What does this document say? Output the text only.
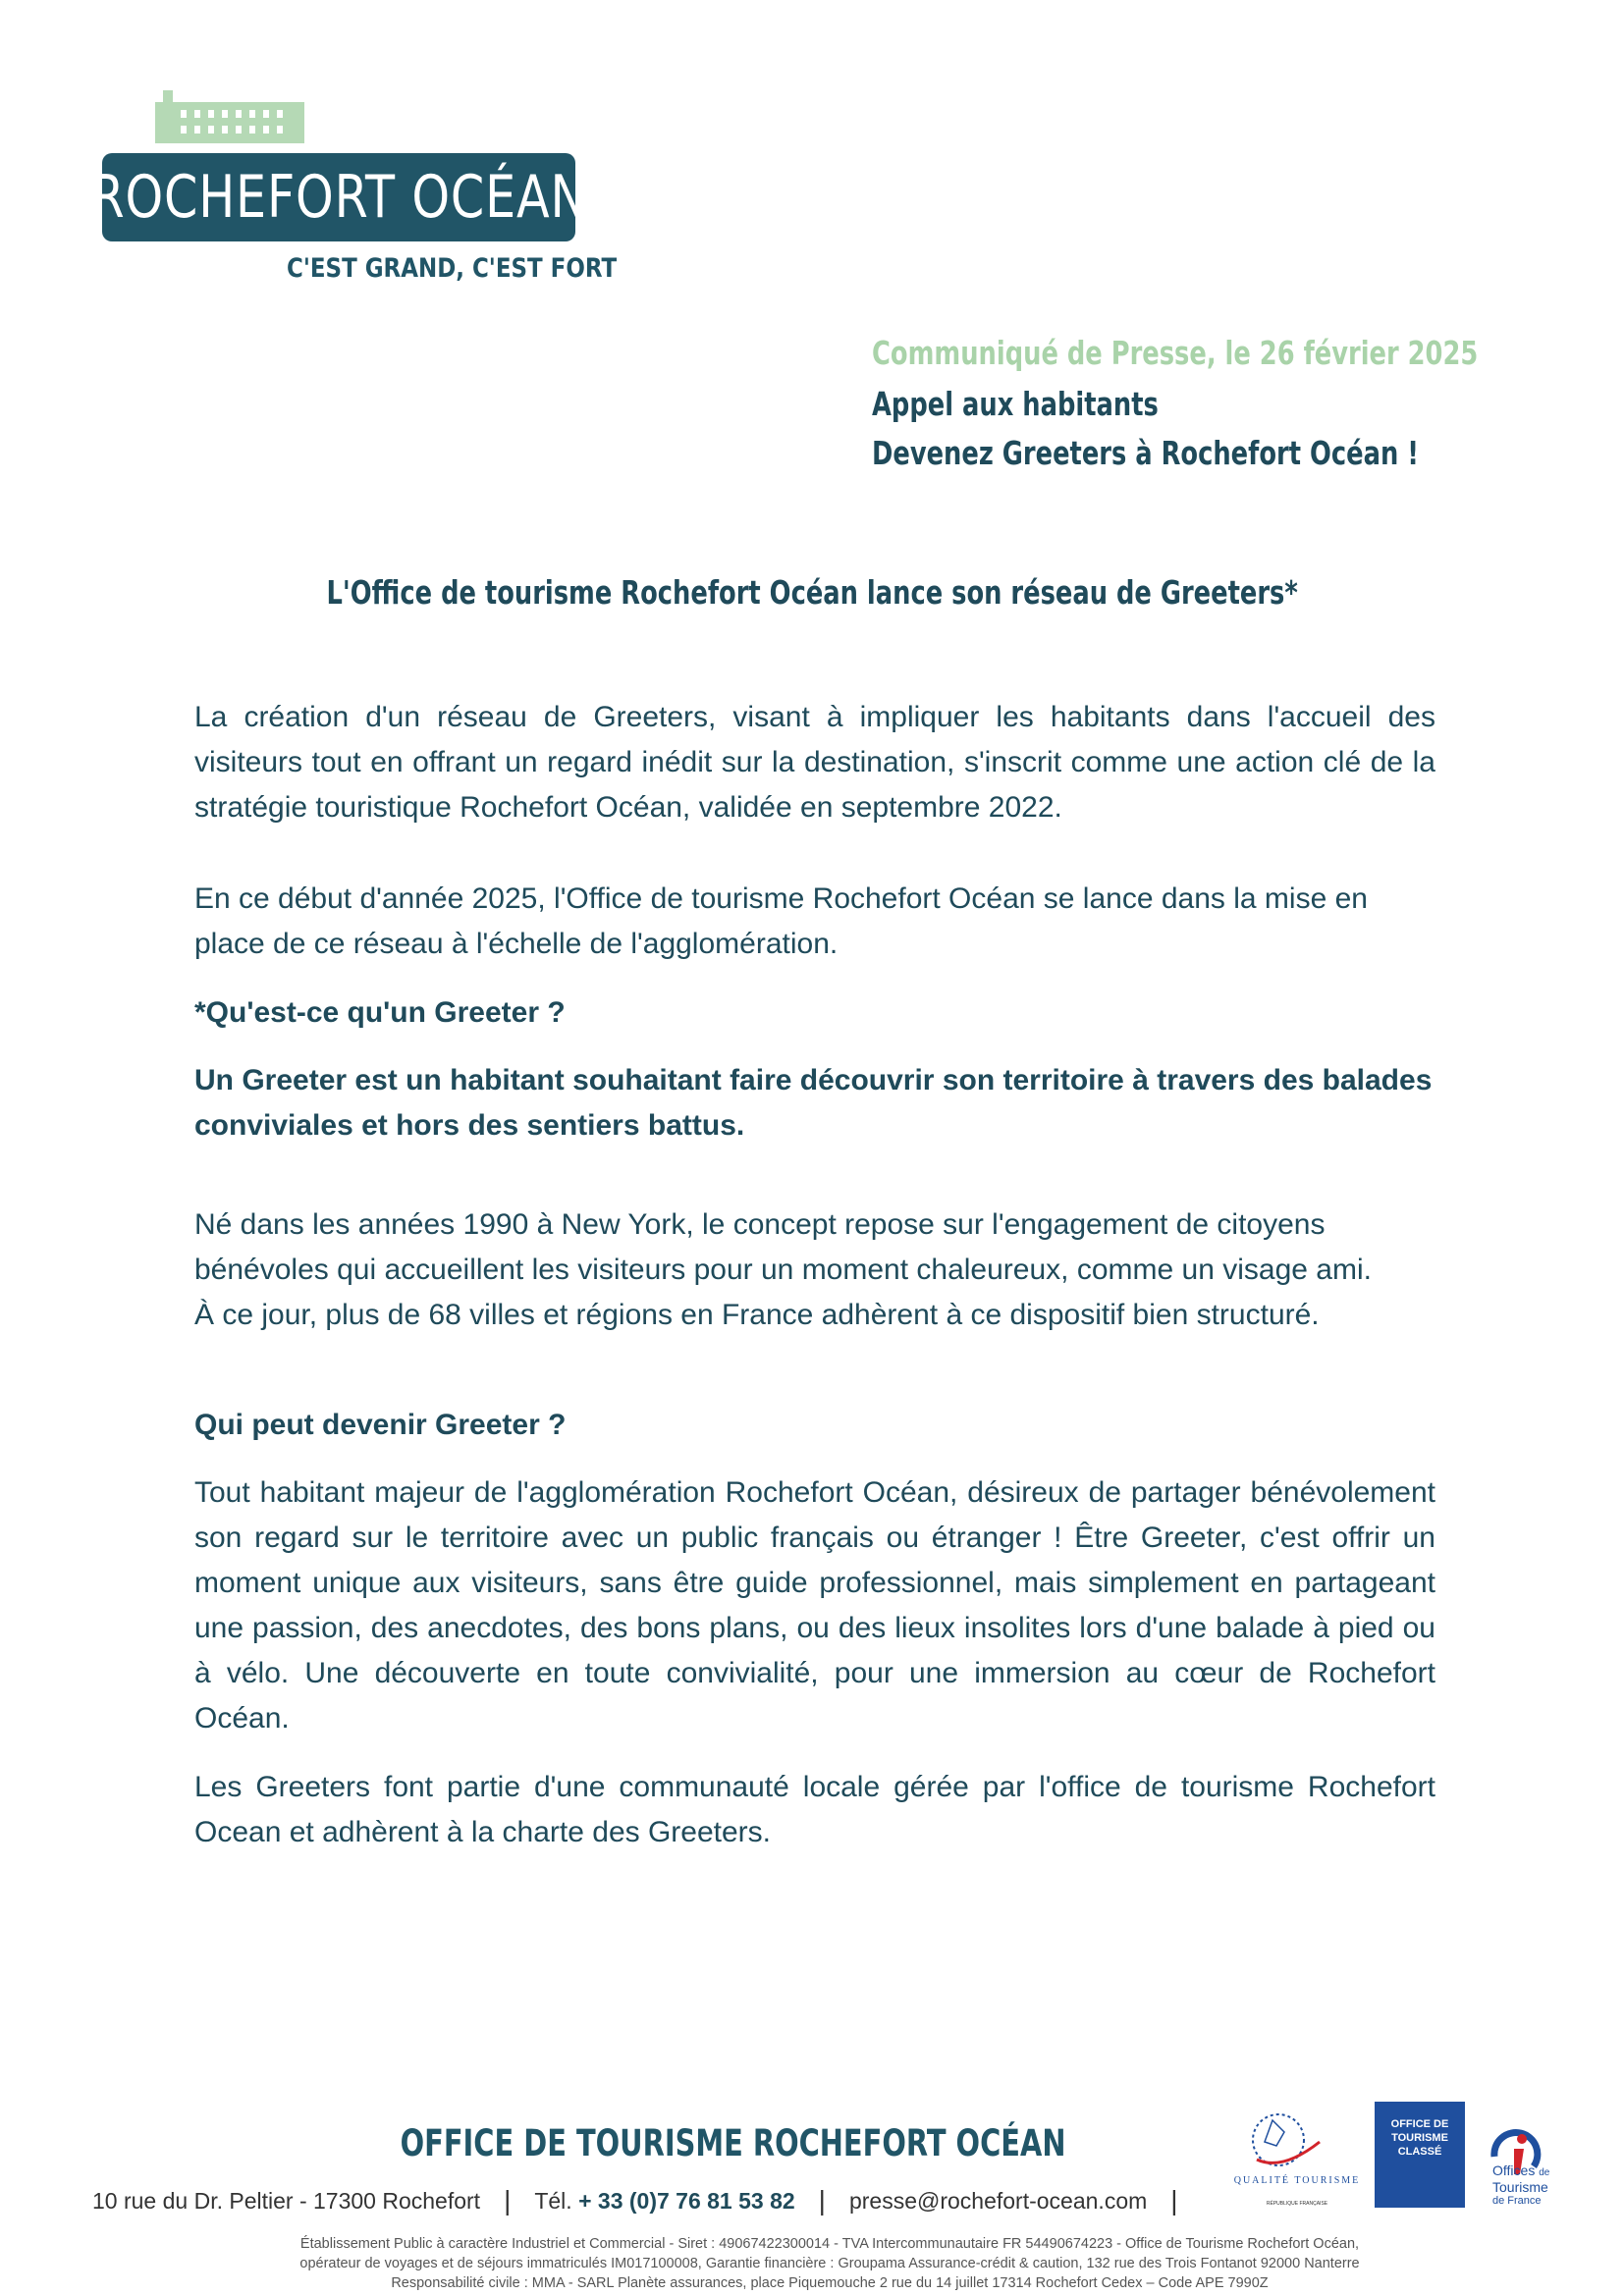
ROCHEFORT OCÉAN
C'EST GRAND, C'EST FORT
Communiqué de Presse, le 26 février 2025
Appel aux habitants
Devenez Greeters à Rochefort Océan !
L'Office de tourisme Rochefort Océan lance son réseau de Greeters*

La création d'un réseau de Greeters, visant à impliquer les habitants dans l'accueil des visiteurs tout en offrant un regard inédit sur la destination, s'inscrit comme une action clé de la stratégie touristique Rochefort Océan, validée en septembre 2022.

En ce début d'année 2025, l'Office de tourisme Rochefort Océan se lance dans la mise en place de ce réseau à l'échelle de l'agglomération.

*Qu'est-ce qu'un Greeter ?

Un Greeter est un habitant souhaitant faire découvrir son territoire à travers des balades conviviales et hors des sentiers battus.

Né dans les années 1990 à New York, le concept repose sur l'engagement de citoyens bénévoles qui accueillent les visiteurs pour un moment chaleureux, comme un visage ami. À ce jour, plus de 68 villes et régions en France adhèrent à ce dispositif bien structuré.

Qui peut devenir Greeter ?

Tout habitant majeur de l'agglomération Rochefort Océan, désireux de partager bénévolement son regard sur le territoire avec un public français ou étranger ! Être Greeter, c'est offrir un moment unique aux visiteurs, sans être guide professionnel, mais simplement en partageant une passion, des anecdotes, des bons plans, ou des lieux insolites lors d'une balade à pied ou à vélo. Une découverte en toute convivialité, pour une immersion au cœur de Rochefort Océan.

Les Greeters font partie d'une communauté locale gérée par l'office de tourisme Rochefort Ocean et adhèrent à la charte des Greeters.

OFFICE DE TOURISME ROCHEFORT OCÉAN
10 rue du Dr. Peltier - 17300 Rochefort | Tél.
+ 33 (0)7 76 81 53 82 | presse@rochefort-ocean.com |
Établissement Public à caractère Industriel et Commercial - Siret : 49067422300014 - TVA Intercommunautaire FR 54490674223 - Office de Tourisme Rochefort Océan,
opérateur de voyages et de séjours immatriculés IM017100008, Garantie financière : Groupama Assurance-crédit & caution, 132 rue des Trois Fontanot 92000 Nanterre
Responsabilité civile : MMA - SARL Planète assurances, place Piquemouche 2 rue du 14 juillet 17314 Rochefort Cedex – Code APE 7990Z
QUALITÉ TOURISME
RÉPUBLIQUE FRANÇAISE
OFFICE DE TOURISME CLASSÉ
Offices de
Tourisme
de France
